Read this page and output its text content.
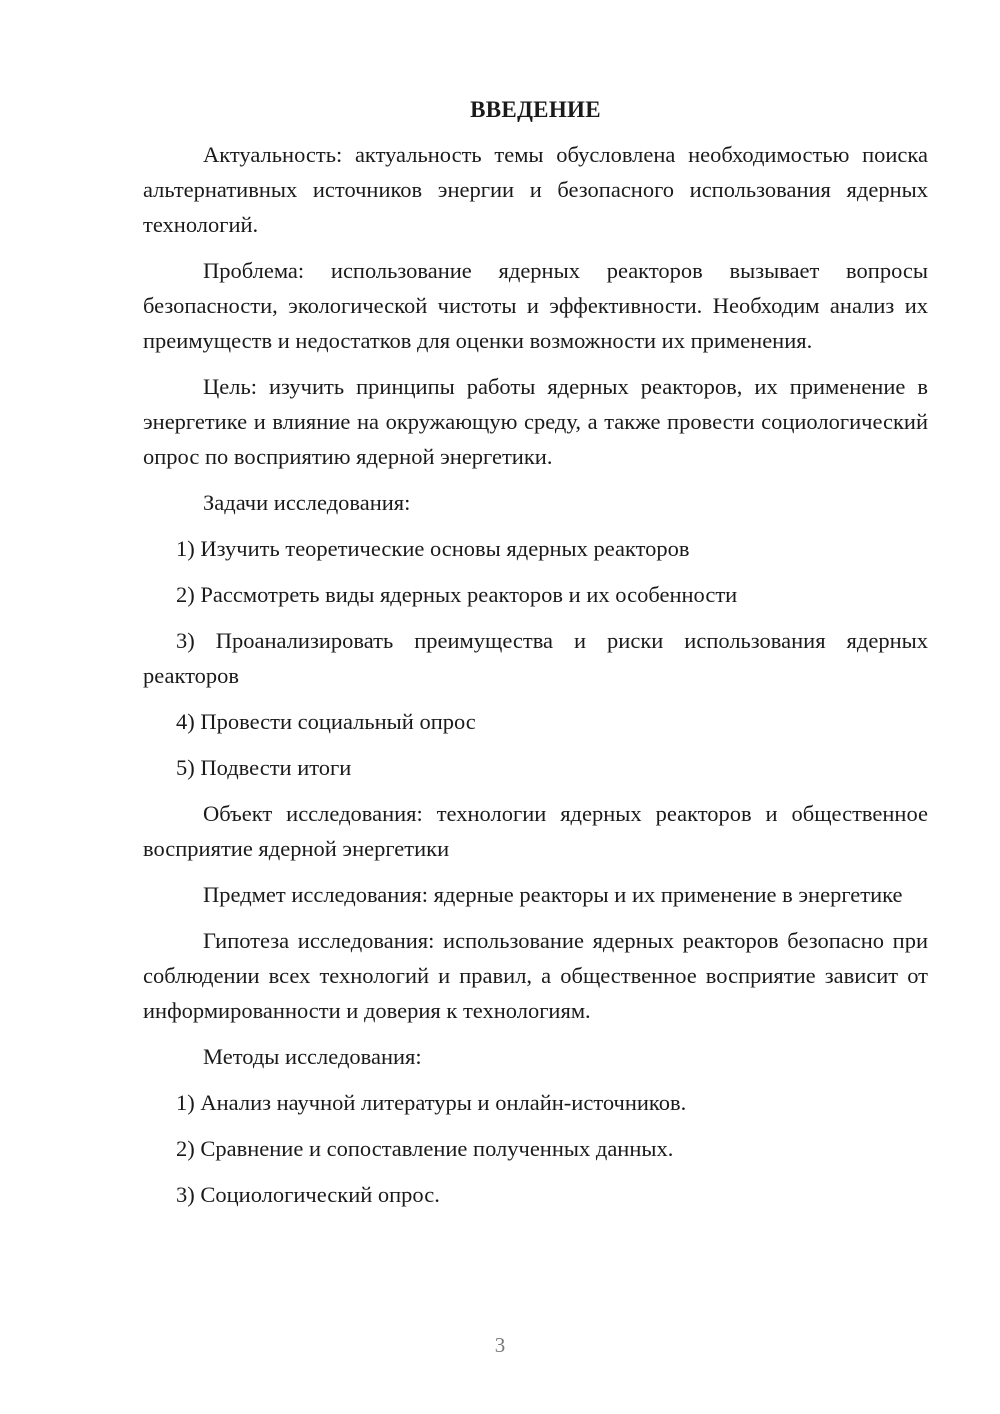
ВВЕДЕНИЕ

Актуальность: актуальность темы обусловлена необходимостью поиска альтернативных источников энергии и безопасного использования ядерных технологий.

Проблема: использование ядерных реакторов вызывает вопросы безопасности, экологической чистоты и эффективности. Необходим анализ их преимуществ и недостатков для оценки возможности их применения.

Цель: изучить принципы работы ядерных реакторов, их применение в энергетике и влияние на окружающую среду, а также провести социологический опрос по восприятию ядерной энергетики.

Задачи исследования:

1) Изучить теоретические основы ядерных реакторов

2) Рассмотреть виды ядерных реакторов и их особенности

3) Проанализировать преимущества и риски использования ядерных реакторов

4) Провести социальный опрос

5) Подвести итоги

Объект исследования: технологии ядерных реакторов и общественное восприятие ядерной энергетики

Предмет исследования: ядерные реакторы и их применение в энергетике

Гипотеза исследования: использование ядерных реакторов безопасно при соблюдении всех технологий и правил, а общественное восприятие зависит от информированности и доверия к технологиям.

Методы исследования:

1) Анализ научной литературы и онлайн-источников.

2) Сравнение и сопоставление полученных данных.

3) Социологический опрос.

3
